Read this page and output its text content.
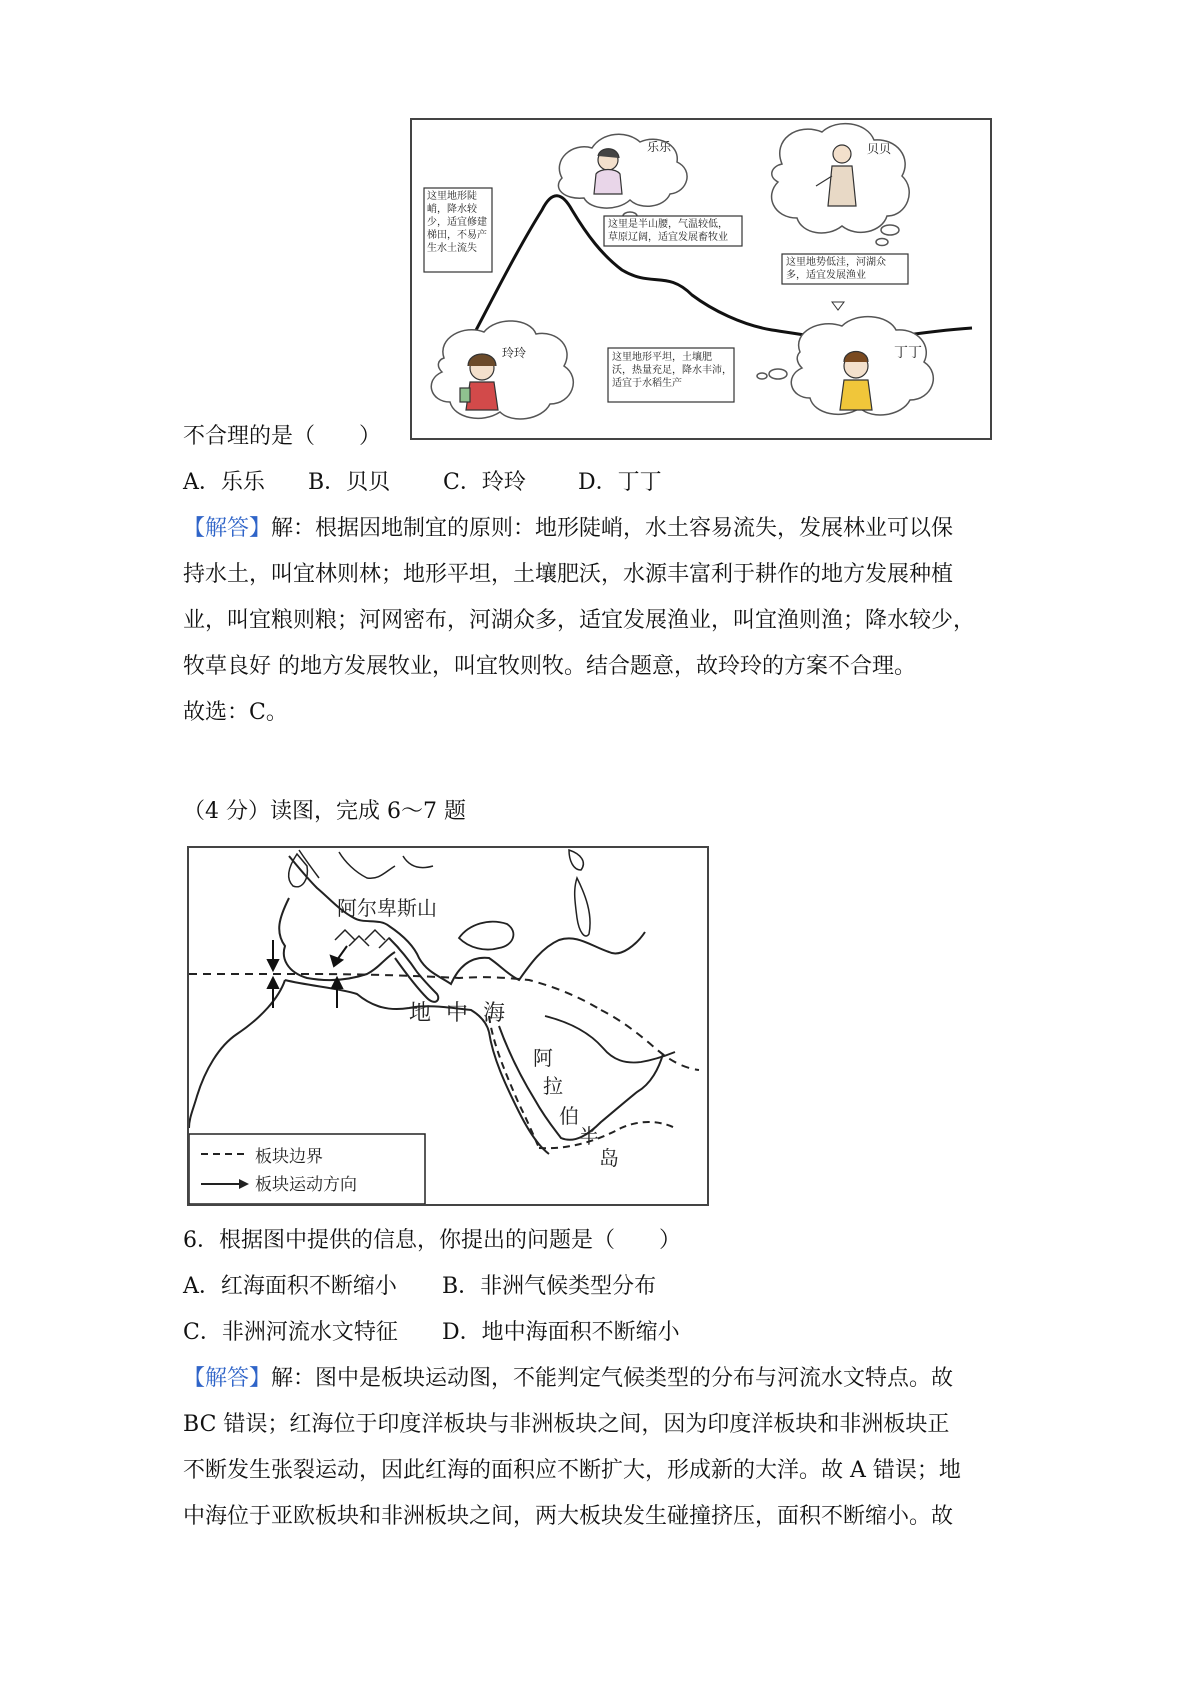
乐乐	贝贝
玲玲	丁丁
这里地形陡
峭，降水较
少，适宜修建
梯田，不易产
生水土流失
这里是半山腰，气温较低，
草原辽阔，适宜发展畜牧业
这里地势低洼，河湖众
多，适宜发展渔业
这里地形平坦，土壤肥
沃，热量充足，降水丰沛，
适宜于水稻生产
不合理的是（　　）
A．乐乐 B．贝贝 C．玲玲 D．丁丁
【解答】解：根据因地制宜的原则：地形陡峭，水土容易流失，发展林业可以保
持水土，叫宜林则林；地形平坦，土壤肥沃，水源丰富利于耕作的地方发展种植
业，叫宜粮则粮；河网密布，河湖众多，适宜发展渔业，叫宜渔则渔；降水较少，
牧草良好 的地方发展牧业，叫宜牧则牧。结合题意，故玲玲的方案不合理。
故选：C。
（4 分）读图，完成 6～7 题
阿尔卑斯山
地 中 海
阿
拉
伯
半
岛
板块边界
板块运动方向
6．根据图中提供的信息，你提出的问题是（　　）
A．红海面积不断缩小 B．非洲气候类型分布
C．非洲河流水文特征 D．地中海面积不断缩小
【解答】解：图中是板块运动图，不能判定气候类型的分布与河流水文特点。故
BC 错误；红海位于印度洋板块与非洲板块之间，因为印度洋板块和非洲板块正
不断发生张裂运动，因此红海的面积应不断扩大，形成新的大洋。故 A 错误；地
中海位于亚欧板块和非洲板块之间，两大板块发生碰撞挤压，面积不断缩小。故
